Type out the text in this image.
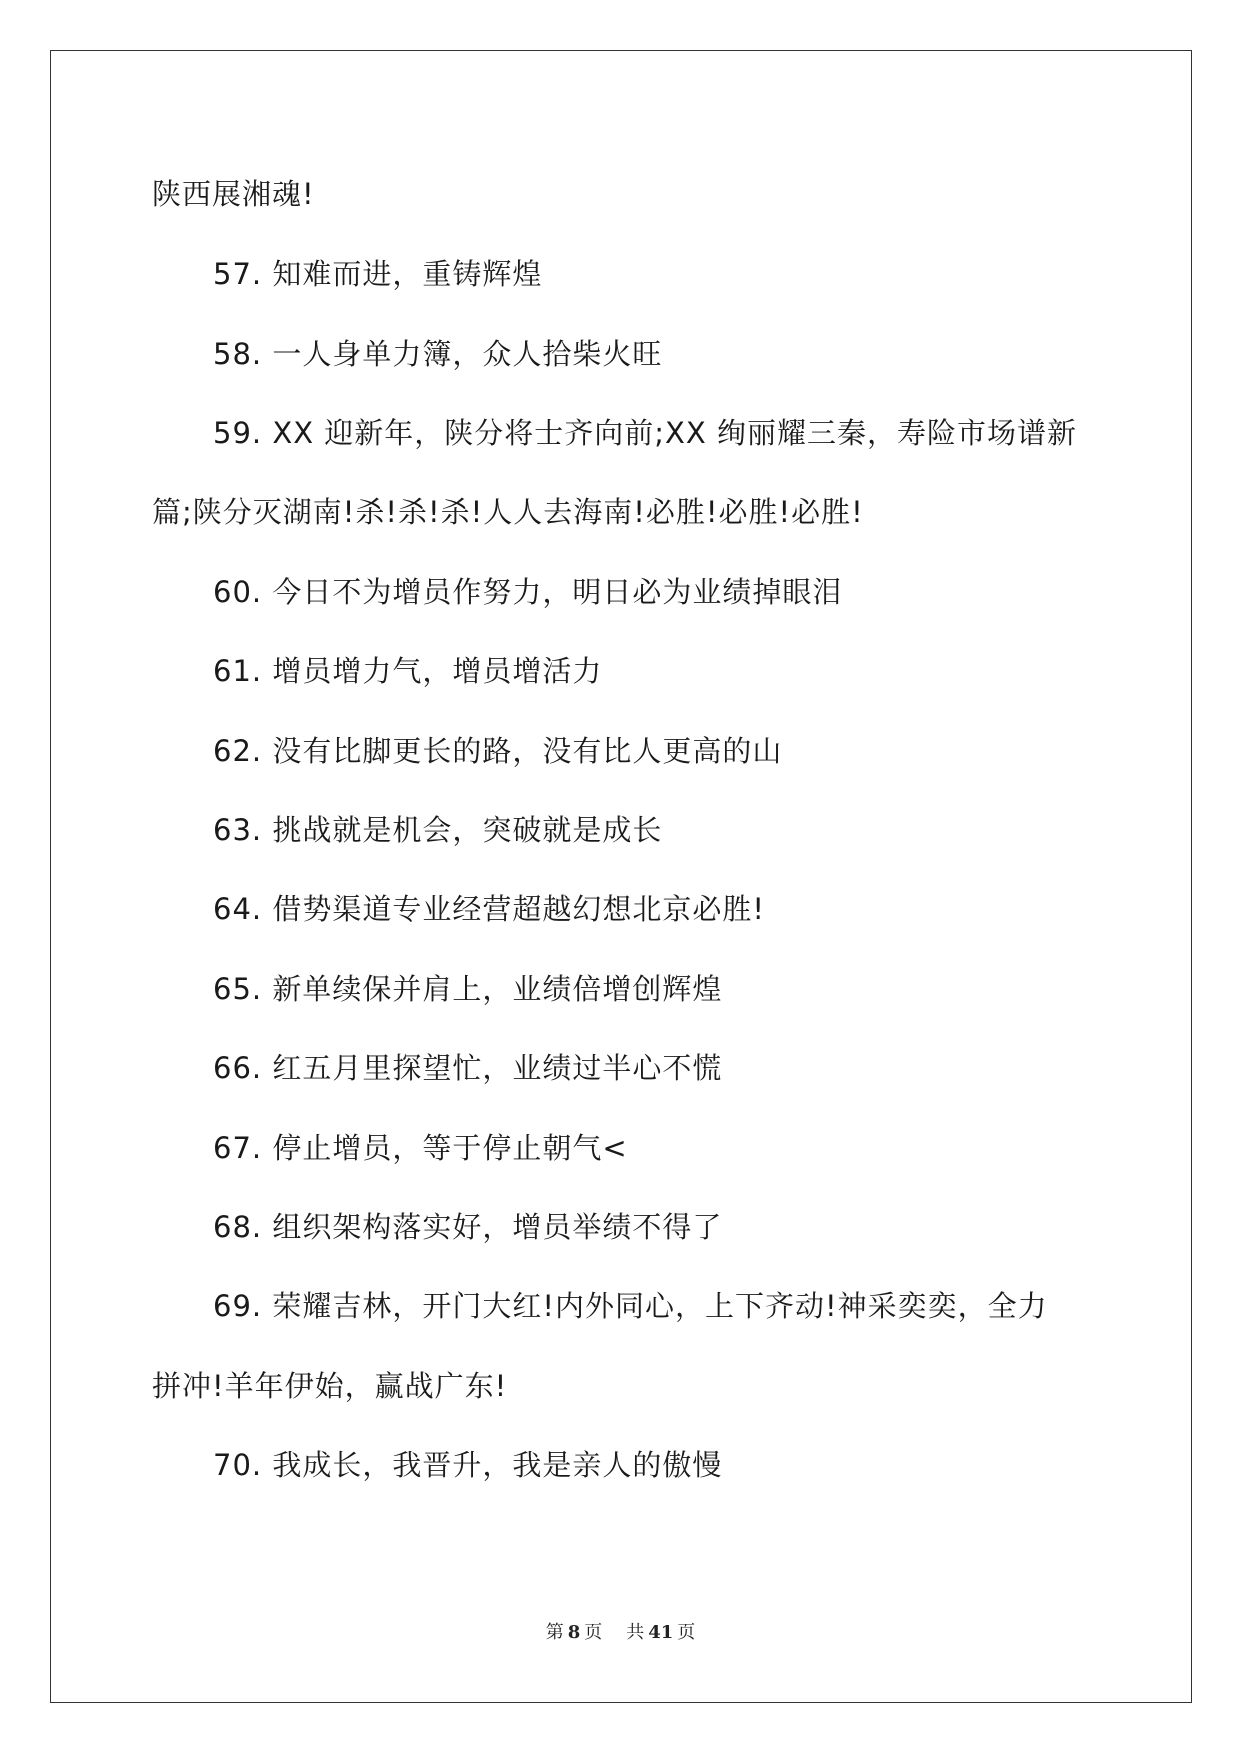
陕西展湘魂!
57. 知难而进，重铸辉煌
58. 一人身单力簿，众人拾柴火旺
59. XX 迎新年，陕分将士齐向前;XX 绚丽耀三秦，寿险市场谱新
篇;陕分灭湖南!杀!杀!杀!人人去海南!必胜!必胜!必胜!
60. 今日不为增员作努力，明日必为业绩掉眼泪
61. 增员增力气，增员增活力
62. 没有比脚更长的路，没有比人更高的山
63. 挑战就是机会，突破就是成长
64. 借势渠道专业经营超越幻想北京必胜!
65. 新单续保并肩上，业绩倍增创辉煌
66. 红五月里探望忙，业绩过半心不慌
67. 停止增员，等于停止朝气<
68. 组织架构落实好，增员举绩不得了
69. 荣耀吉林，开门大红!内外同心，上下齐动!神采奕奕，全力
拼冲!羊年伊始，赢战广东!
70. 我成长，我晋升，我是亲人的傲慢
第 8 页 共 41 页
